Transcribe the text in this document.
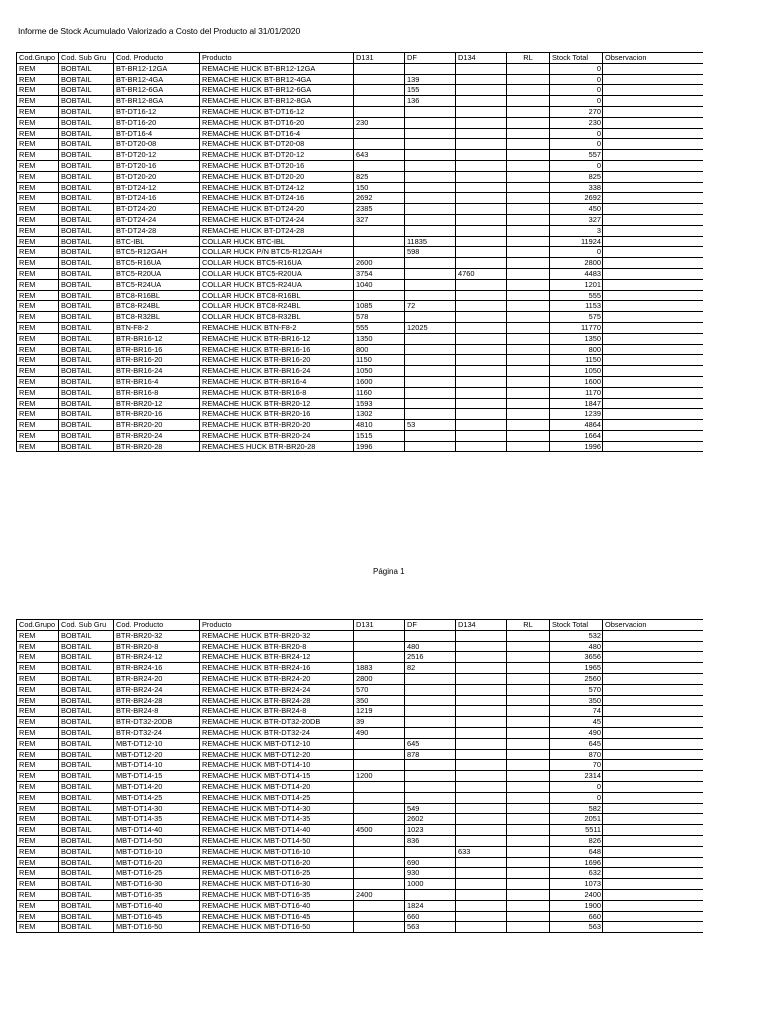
Informe de Stock Acumulado Valorizado a Costo del Producto al 31/01/2020
Cod.Grupo	Cod. Sub Gru	Cod. Producto	Producto	D131	DF	D134	RL	Stock Total	Observacion
REM	BOBTAIL	BT-BR12-12GA	REMACHE HUCK BT-BR12-12GA					0	
REM	BOBTAIL	BT-BR12-4GA	REMACHE HUCK BT-BR12-4GA		139			0	
REM	BOBTAIL	BT-BR12-6GA	REMACHE HUCK BT-BR12-6GA		155			0	
REM	BOBTAIL	BT-BR12-8GA	REMACHE HUCK BT-BR12-8GA		136			0	
REM	BOBTAIL	BT-DT16-12	REMACHE HUCK BT-DT16-12					270	
REM	BOBTAIL	BT-DT16-20	REMACHE HUCK BT-DT16-20	230				230	
REM	BOBTAIL	BT-DT16-4	REMACHE HUCK BT-DT16-4					0	
REM	BOBTAIL	BT-DT20-08	REMACHE HUCK BT-DT20-08					0	
REM	BOBTAIL	BT-DT20-12	REMACHE HUCK BT-DT20-12	643				557	
REM	BOBTAIL	BT-DT20-16	REMACHE HUCK BT-DT20-16					0	
REM	BOBTAIL	BT-DT20-20	REMACHE HUCK BT-DT20-20	825				825	
REM	BOBTAIL	BT-DT24-12	REMACHE HUCK BT-DT24-12	150				338	
REM	BOBTAIL	BT-DT24-16	REMACHE HUCK BT-DT24-16	2692				2692	
REM	BOBTAIL	BT-DT24-20	REMACHE HUCK BT-DT24-20	2385				450	
REM	BOBTAIL	BT-DT24-24	REMACHE HUCK BT-DT24-24	327				327	
REM	BOBTAIL	BT-DT24-28	REMACHE HUCK BT-DT24-28					3	
REM	BOBTAIL	BTC-IBL	COLLAR HUCK BTC-IBL		11835			11924	
REM	BOBTAIL	BTC5-R12GAH	COLLAR HUCK P/N BTC5-R12GAH		598			0	
REM	BOBTAIL	BTC5-R16UA	COLLAR HUCK BTC5-R16UA	2600				2800	
REM	BOBTAIL	BTC5-R20UA	COLLAR HUCK BTC5-R20UA	3754		4760		4483	
REM	BOBTAIL	BTC5-R24UA	COLLAR HUCK BTC5-R24UA	1040				1201	
REM	BOBTAIL	BTC8-R16BL	COLLAR HUCK BTC8-R16BL					555	
REM	BOBTAIL	BTC8-R24BL	COLLAR HUCK BTC8-R24BL	1085	72			1153	
REM	BOBTAIL	BTC8-R32BL	COLLAR HUCK BTC8-R32BL	578				575	
REM	BOBTAIL	BTN-F8-2	REMACHE HUCK BTN-F8-2	555	12025			11770	
REM	BOBTAIL	BTR-BR16-12	REMACHE HUCK BTR-BR16-12	1350				1350	
REM	BOBTAIL	BTR-BR16-16	REMACHE HUCK BTR-BR16-16	800				800	
REM	BOBTAIL	BTR-BR16-20	REMACHE HUCK BTR-BR16-20	1150				1150	
REM	BOBTAIL	BTR-BR16-24	REMACHE HUCK BTR-BR16-24	1050				1050	
REM	BOBTAIL	BTR-BR16-4	REMACHE HUCK BTR-BR16-4	1600				1600	
REM	BOBTAIL	BTR-BR16-8	REMACHE HUCK BTR-BR16-8	1160				1170	
REM	BOBTAIL	BTR-BR20-12	REMACHE HUCK BTR-BR20-12	1593				1847	
REM	BOBTAIL	BTR-BR20-16	REMACHE HUCK BTR-BR20-16	1302				1239	
REM	BOBTAIL	BTR-BR20-20	REMACHE HUCK BTR-BR20-20	4810	53			4864	
REM	BOBTAIL	BTR-BR20-24	REMACHE HUCK BTR-BR20-24	1515				1664	
REM	BOBTAIL	BTR-BR20-28	REMACHES HUCK BTR-BR20-28	1996				1996	
Página 1
Cod.Grupo	Cod. Sub Gru	Cod. Producto	Producto	D131	DF	D134	RL	Stock Total	Observacion
REM	BOBTAIL	BTR-BR20-32	REMACHE HUCK BTR-BR20-32					532	
REM	BOBTAIL	BTR-BR20-8	REMACHE HUCK BTR-BR20-8		480			480	
REM	BOBTAIL	BTR-BR24-12	REMACHE HUCK BTR-BR24-12		2516			3656	
REM	BOBTAIL	BTR-BR24-16	REMACHE HUCK BTR-BR24-16	1883	82			1965	
REM	BOBTAIL	BTR-BR24-20	REMACHE HUCK BTR-BR24-20	2800				2560	
REM	BOBTAIL	BTR-BR24-24	REMACHE HUCK BTR-BR24-24	570				570	
REM	BOBTAIL	BTR-BR24-28	REMACHE HUCK BTR-BR24-28	350				350	
REM	BOBTAIL	BTR-BR24-8	REMACHE HUCK BTR-BR24-8	1219				74	
REM	BOBTAIL	BTR-DT32-20DB	REMACHE HUCK BTR-DT32-20DB	39				45	
REM	BOBTAIL	BTR-DT32-24	REMACHE HUCK BTR-DT32-24	490				490	
REM	BOBTAIL	MBT-DT12-10	REMACHE HUCK MBT-DT12-10		645			645	
REM	BOBTAIL	MBT-DT12-20	REMACHE HUCK MBT-DT12-20		878			870	
REM	BOBTAIL	MBT-DT14-10	REMACHE HUCK MBT-DT14-10					70	
REM	BOBTAIL	MBT-DT14-15	REMACHE HUCK MBT-DT14-15	1200				2314	
REM	BOBTAIL	MBT-DT14-20	REMACHE HUCK MBT-DT14-20					0	
REM	BOBTAIL	MBT-DT14-25	REMACHE HUCK MBT-DT14-25					0	
REM	BOBTAIL	MBT-DT14-30	REMACHE HUCK MBT-DT14-30		549			582	
REM	BOBTAIL	MBT-DT14-35	REMACHE HUCK MBT-DT14-35		2602			2051	
REM	BOBTAIL	MBT-DT14-40	REMACHE HUCK MBT-DT14-40	4500	1023			5511	
REM	BOBTAIL	MBT-DT14-50	REMACHE HUCK MBT-DT14-50		836			826	
REM	BOBTAIL	MBT-DT16-10	REMACHE HUCK MBT-DT16-10			633		648	
REM	BOBTAIL	MBT-DT16-20	REMACHE HUCK MBT-DT16-20		690			1696	
REM	BOBTAIL	MBT-DT16-25	REMACHE HUCK MBT-DT16-25		930			632	
REM	BOBTAIL	MBT-DT16-30	REMACHE HUCK MBT-DT16-30		1000			1073	
REM	BOBTAIL	MBT-DT16-35	REMACHE HUCK MBT-DT16-35	2400				2400	
REM	BOBTAIL	MBT-DT16-40	REMACHE HUCK MBT-DT16-40		1824			1900	
REM	BOBTAIL	MBT-DT16-45	REMACHE HUCK MBT-DT16-45		660			660	
REM	BOBTAIL	MBT-DT16-50	REMACHE HUCK MBT-DT16-50		563			563	
